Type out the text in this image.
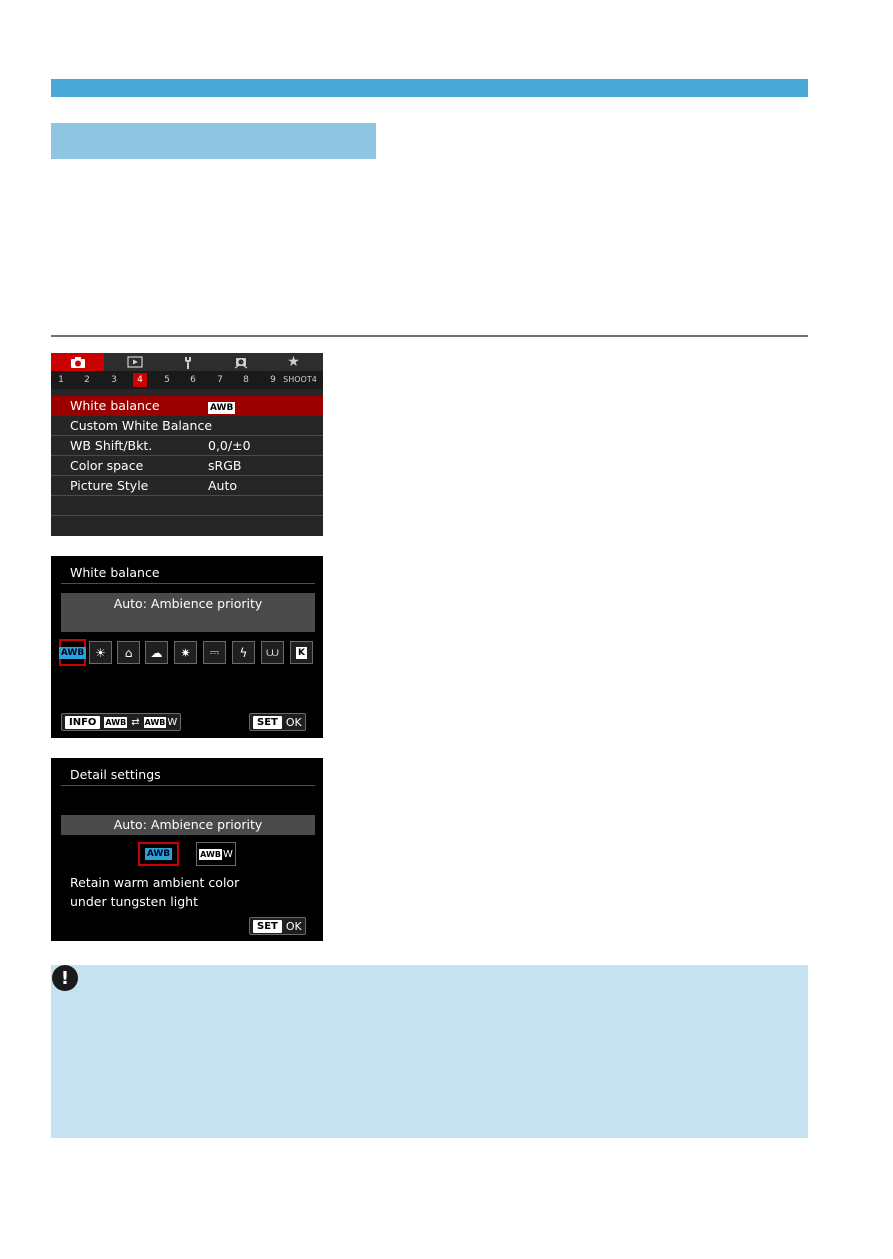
★
1	2	3	4	5	6	7	8	9 SHOOT4
White balance	AWB
Custom White Balance
WB Shift/Bkt.	0,0/±0
Color space	sRGB
Picture Style	Auto
White balance
Auto: Ambience priority
AWB ☀ ⌂ ☁ ✷ ⎓ ϟ ⩊ K
INFO	AWB ⇄ AWB W	SET OK
Detail settings
Auto: Ambience priority
AWB	AWB W
Retain warm ambient color
under tungsten light
SET OK
!
